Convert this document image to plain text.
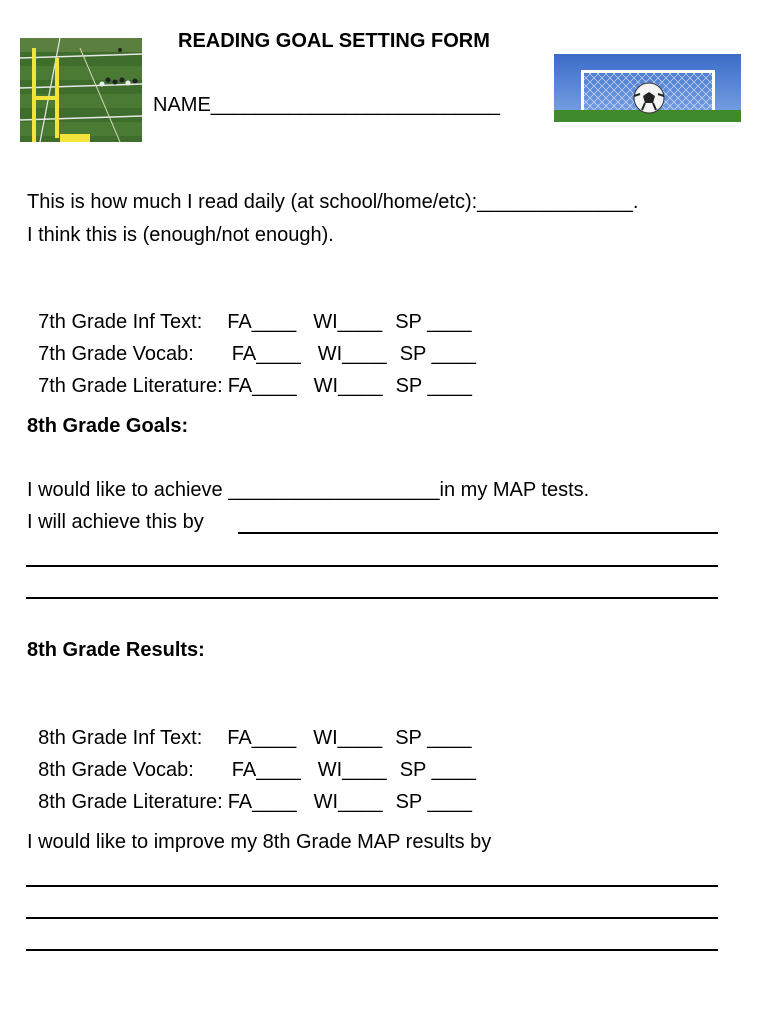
READING GOAL SETTING FORM
NAME__________________________
This is how much I read daily (at school/home/etc):______________.
I think this is (enough/not enough).

7th Grade Inf Text: FA____ WI____ SP ____

7th Grade Vocab: FA____ WI____ SP ____

7th Grade Literature: FA____ WI____ SP ____

8th Grade Goals:
I would like to achieve ___________________in my MAP tests.
I will achieve this by
8th Grade Results:

8th Grade Inf Text: FA____ WI____ SP ____

8th Grade Vocab: FA____ WI____ SP ____

8th Grade Literature: FA____ WI____ SP ____

I would like to improve my 8th Grade MAP results by
